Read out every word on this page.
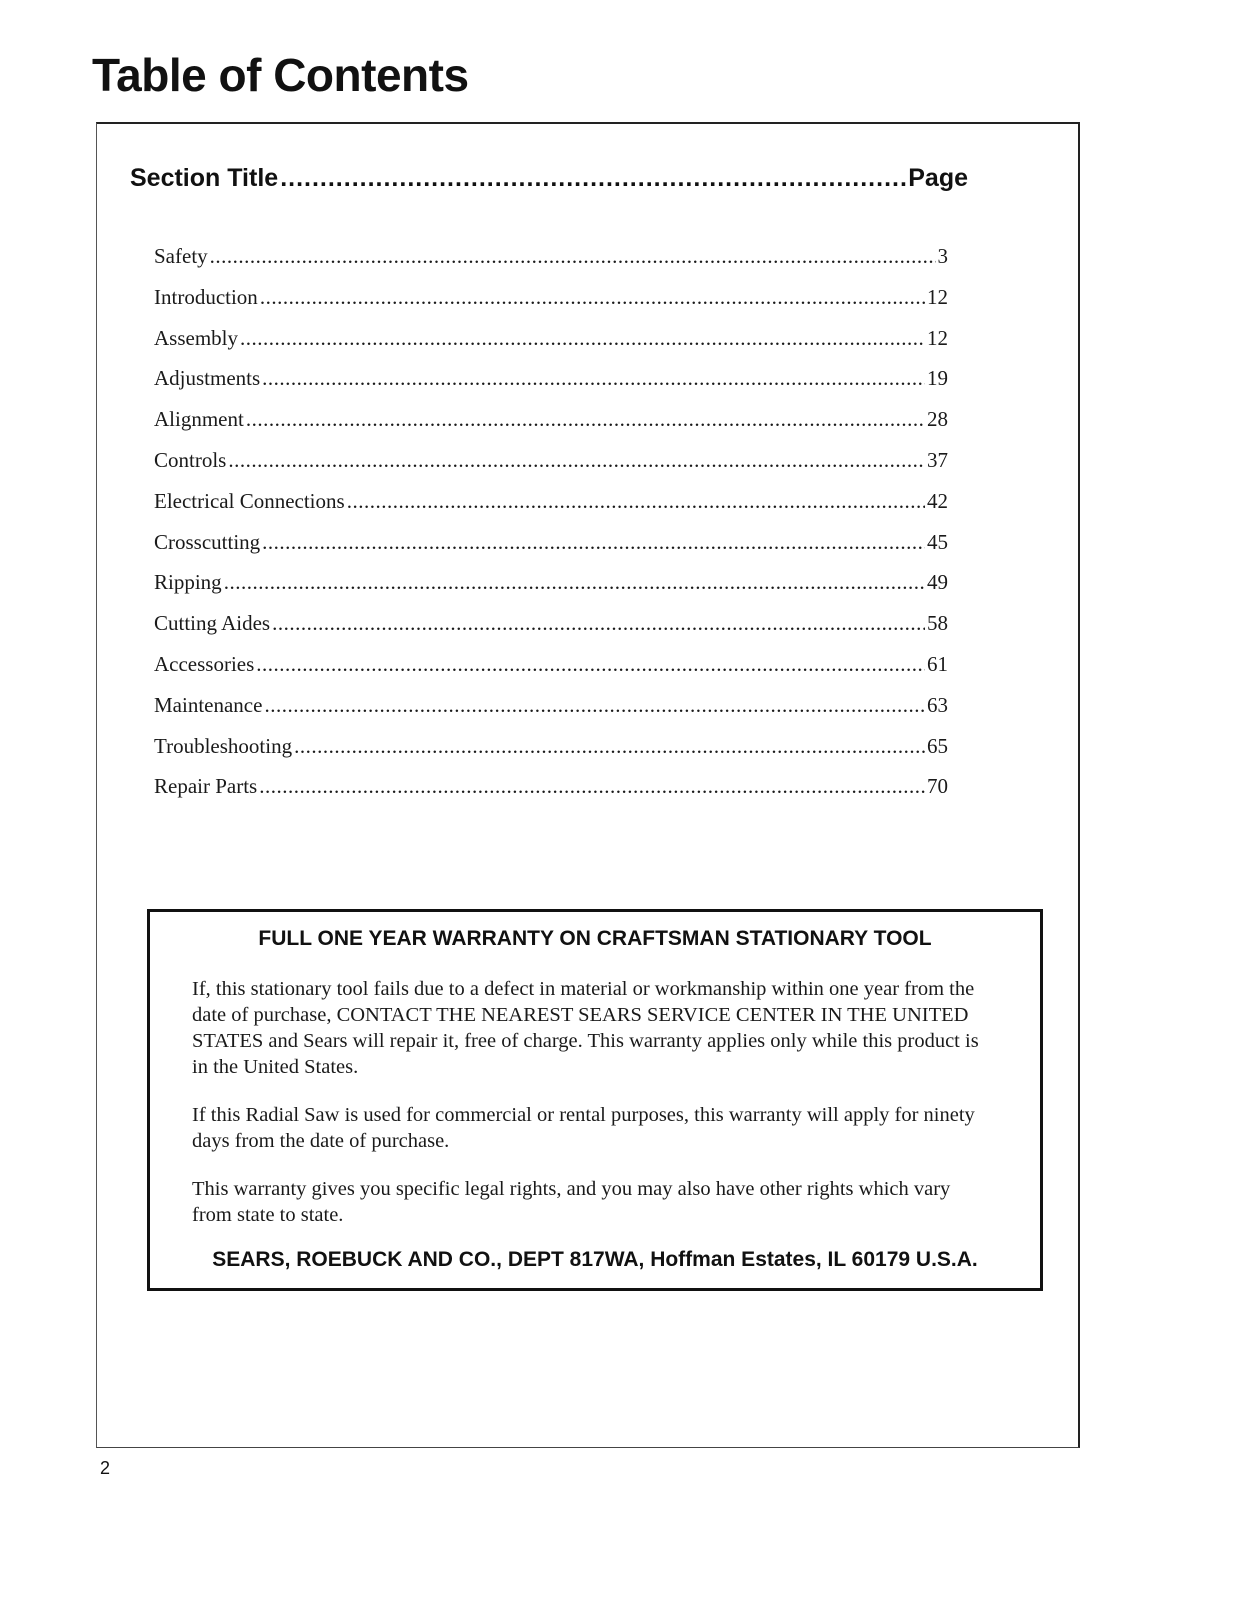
Table of Contents
Section Title .....	Page
Safety .....	3
Introduction .....	12
Assembly .....	12
Adjustments .....	19
Alignment .....	28
Controls .....	37
Electrical Connections .....	42
Crosscutting .....	45
Ripping .....	49
Cutting Aides .....	58
Accessories .....	61
Maintenance .....	63
Troubleshooting .....	65
Repair Parts .....	70

FULL ONE YEAR WARRANTY ON CRAFTSMAN STATIONARY TOOL

If, this stationary tool fails due to a defect in material or workmanship within one year from the date of purchase, CONTACT THE NEAREST SEARS SERVICE CENTER IN THE UNITED STATES and Sears will repair it, free of charge. This warranty applies only while this product is in the United States.

If this Radial Saw is used for commercial or rental purposes, this warranty will apply for ninety days from the date of purchase.

This warranty gives you specific legal rights, and you may also have other rights which vary from state to state.

SEARS, ROEBUCK AND CO., DEPT 817WA, Hoffman Estates, IL 60179 U.S.A.

2
